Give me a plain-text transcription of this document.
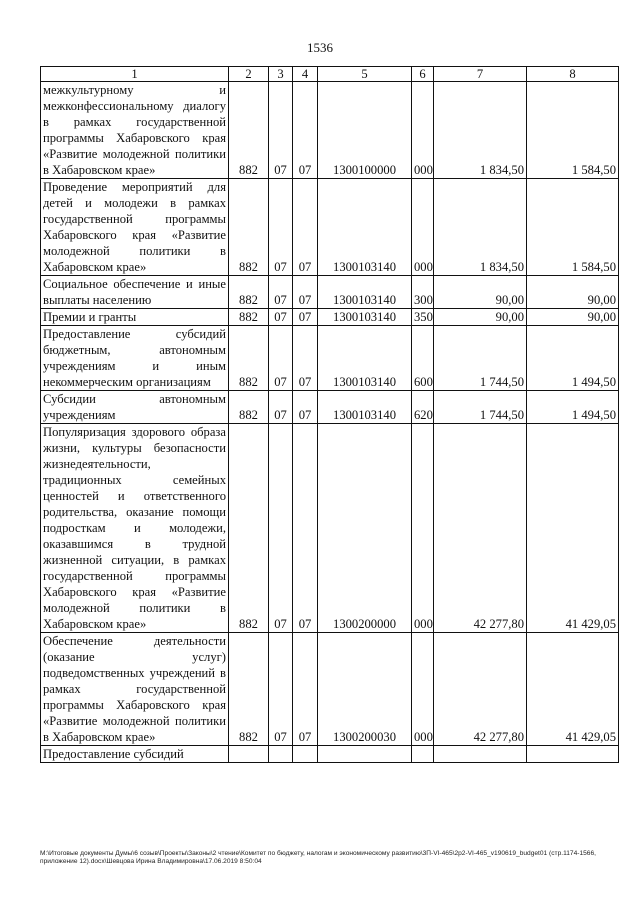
1536
1	2	3	4	5	6	7	8
межкультурному и межконфессиональному диалогу в рамках государственной программы Хабаровского края «Развитие молодежной политики в Хабаровском крае»	882	07	07	1300100000	000	1 834,50	1 584,50
Проведение мероприятий для детей и молодежи в рамках государственной программы Хабаровского края «Развитие молодежной политики в Хабаровском крае»	882	07	07	1300103140	000	1 834,50	1 584,50
Социальное обеспечение и иные выплаты населению	882	07	07	1300103140	300	90,00	90,00
Премии и гранты	882	07	07	1300103140	350	90,00	90,00
Предоставление субсидий бюджетным, автономным учреждениям и иным некоммерческим организациям	882	07	07	1300103140	600	1 744,50	1 494,50
Субсидии автономным учреждениям	882	07	07	1300103140	620	1 744,50	1 494,50
Популяризация здорового образа жизни, культуры безопасности жизнедеятельности, традиционных семейных ценностей и ответственного родительства, оказание помощи подросткам и молодежи, оказавшимся в трудной жизненной ситуации, в рамках государственной программы Хабаровского края «Развитие молодежной политики в Хабаровском крае»	882	07	07	1300200000	000	42 277,80	41 429,05
Обеспечение деятельности (оказание услуг) подведомственных учреждений в рамках государственной программы Хабаровского края «Развитие молодежной политики в Хабаровском крае»	882	07	07	1300200030	000	42 277,80	41 429,05
Предоставление субсидий							
М:\Итоговые документы Думы\6 созыв\Проекты\Законы\2 чтение\Комитет по бюджету, налогам и экономическому развитию\3П-VI-465\2р2-VI-465_v190619_budget01 (стр.1174-1566, приложение 12).docx\Шевцова Ирина Владимировна\17.06.2019 8:50:04
